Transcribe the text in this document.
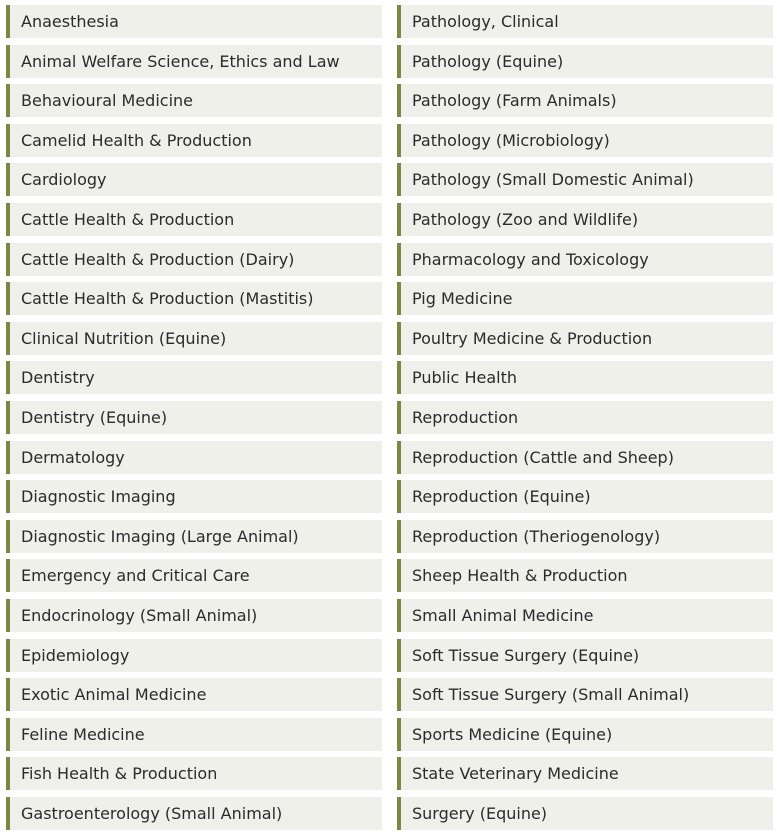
Anaesthesia
Animal Welfare Science, Ethics and Law
Behavioural Medicine
Camelid Health & Production
Cardiology
Cattle Health & Production
Cattle Health & Production (Dairy)
Cattle Health & Production (Mastitis)
Clinical Nutrition (Equine)
Dentistry
Dentistry (Equine)
Dermatology
Diagnostic Imaging
Diagnostic Imaging (Large Animal)
Emergency and Critical Care
Endocrinology (Small Animal)
Epidemiology
Exotic Animal Medicine
Feline Medicine
Fish Health & Production
Gastroenterology (Small Animal)
Pathology, Clinical
Pathology (Equine)
Pathology (Farm Animals)
Pathology (Microbiology)
Pathology (Small Domestic Animal)
Pathology (Zoo and Wildlife)
Pharmacology and Toxicology
Pig Medicine
Poultry Medicine & Production
Public Health
Reproduction
Reproduction (Cattle and Sheep)
Reproduction (Equine)
Reproduction (Theriogenology)
Sheep Health & Production
Small Animal Medicine
Soft Tissue Surgery (Equine)
Soft Tissue Surgery (Small Animal)
Sports Medicine (Equine)
State Veterinary Medicine
Surgery (Equine)
